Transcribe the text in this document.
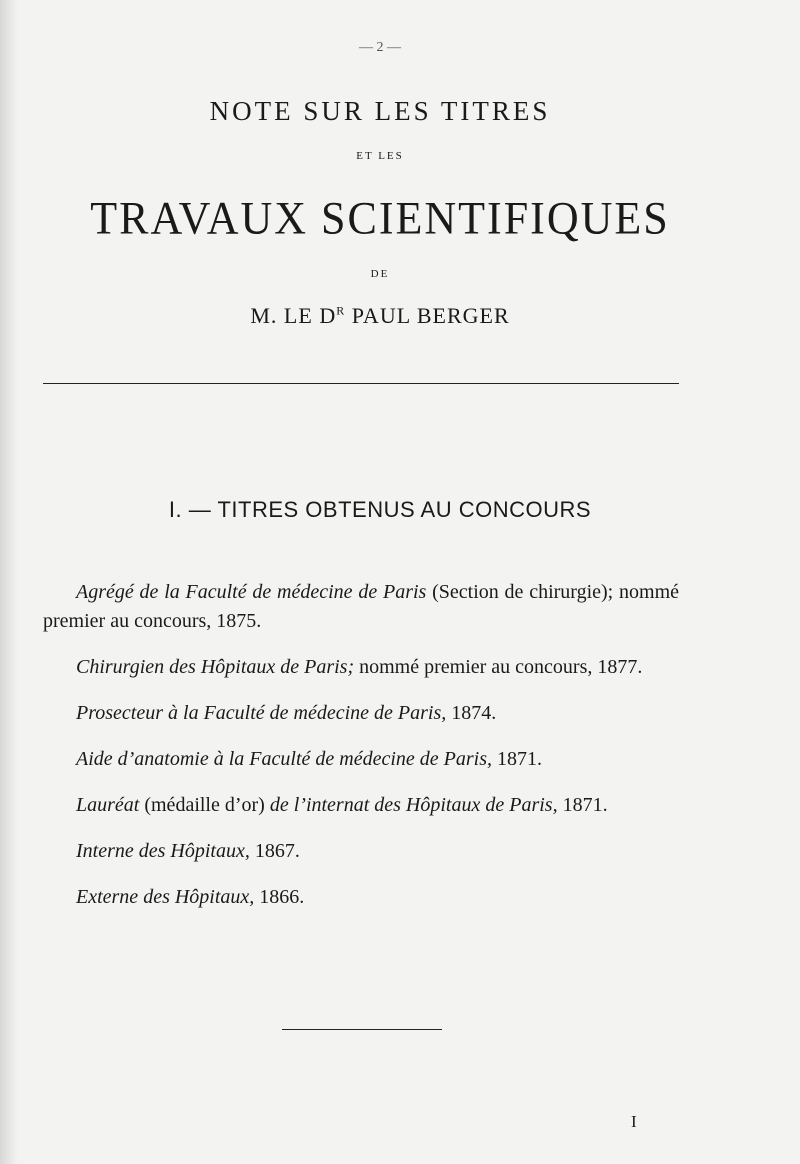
— 2 —
NOTE SUR LES TITRES
ET LES
TRAVAUX SCIENTIFIQUES
DE
M. LE $D^R$ PAUL BERGER
I. — TITRES OBTENUS AU CONCOURS

Agrégé de la Faculté de médecine de Paris (Section de chirurgie); nommé premier au concours, 1875.

Chirurgien des Hôpitaux de Paris; nommé premier au concours, 1877.

Prosecteur à la Faculté de médecine de Paris, 1874.

Aide d’anatomie à la Faculté de médecine de Paris, 1871.

Lauréat (médaille d’or) de l’internat des Hôpitaux de Paris, 1871.

Interne des Hôpitaux, 1867.

Externe des Hôpitaux, 1866.

I
